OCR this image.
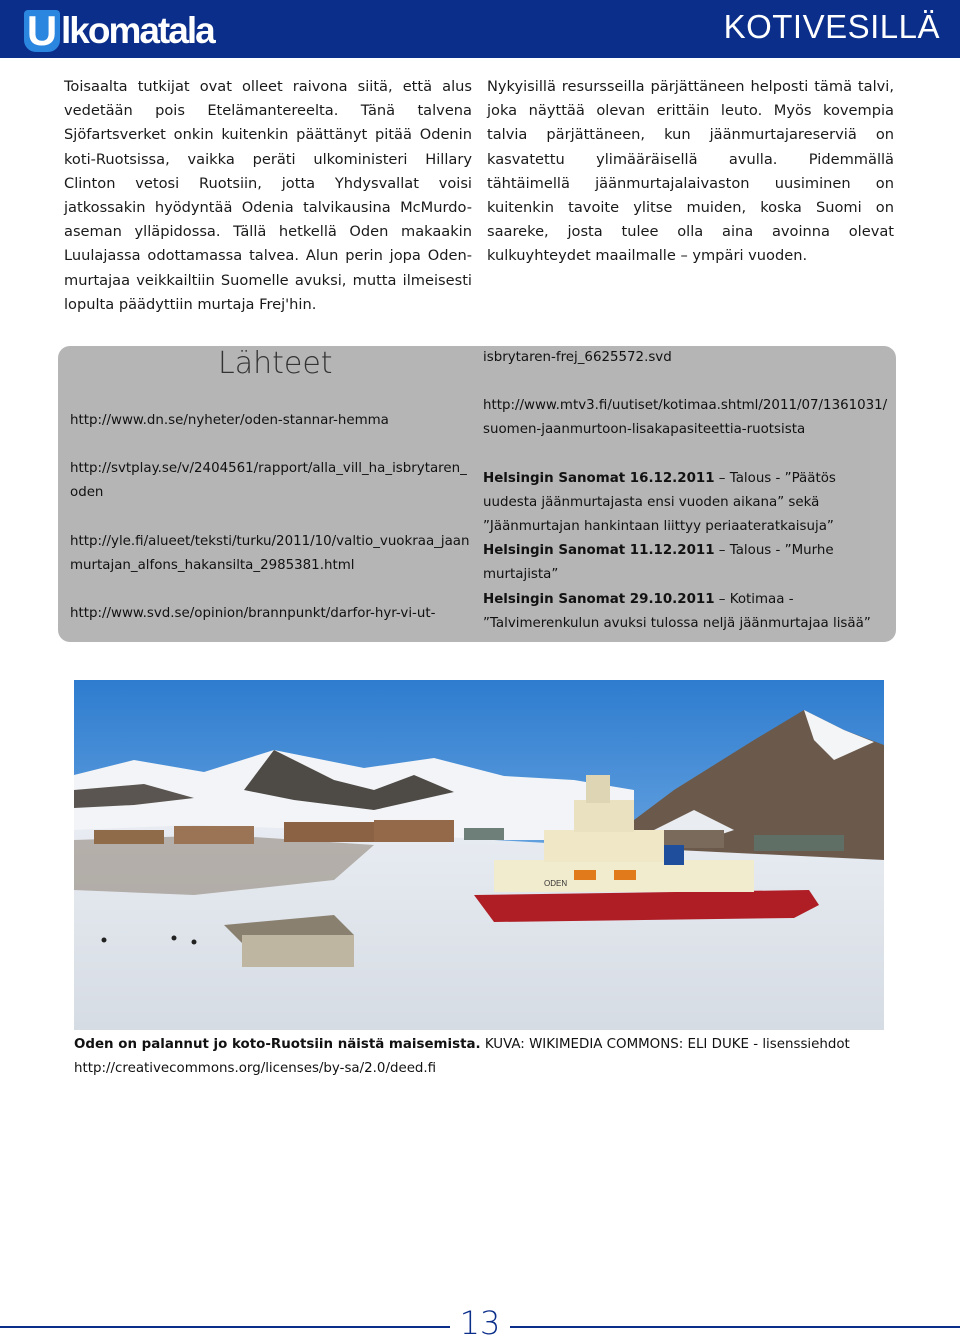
U lkomatala	KOTIVESILLÄ
Toisaalta tutkijat ovat olleet raivona siitä, että alus vedetään pois Etelämantereelta. Tänä talvena Sjöfartsverket onkin kuitenkin päättänyt pitää Odenin koti-Ruotsissa, vaikka peräti ulkoministeri Hillary Clinton vetosi Ruotsiin, jotta Yhdysvallat voisi jatkossakin hyödyntää Odenia talvikausina McMurdo-aseman ylläpidossa. Tällä hetkellä Oden makaakin Luulajassa odottamassa talvea. Alun perin jopa Oden-murtajaa veikkailtiin Suomelle avuksi, mutta ilmeisesti lopulta päädyttiin murtaja Frej'hin.
Nykyisillä resursseilla pärjättäneen helposti tämä talvi, joka näyttää olevan erittäin leuto. Myös kovempia talvia pärjättäneen, kun jäänmurtajareserviä on kasvatettu ylimääräisellä avulla. Pidemmällä tähtäimellä jäänmurtajalaivaston uusiminen on kuitenkin tavoite ylitse muiden, koska Suomi on saareke, josta tulee olla aina avoinna olevat kulkuyhteydet maailmalle – ympäri vuoden.
Lähteet

http://www.dn.se/nyheter/oden-stannar-hemma

http://svtplay.se/v/2404561/rapport/alla_vill_ha_isbrytaren_oden

http://yle.fi/alueet/teksti/turku/2011/10/valtio_vuokraa_jaanmurtajan_alfons_hakansilta_2985381.html

http://www.svd.se/opinion/brannpunkt/darfor-hyr-vi-ut-

isbrytaren-frej_6625572.svd

http://www.mtv3.fi/uutiset/kotimaa.shtml/2011/07/1361031/suomen-jaanmurtoon-lisakapasiteettia-ruotsista

Helsingin Sanomat 16.12.2011 – Talous - ”Päätös uudesta jäänmurtajasta ensi vuoden aikana” sekä ”Jäänmurtajan hankintaan liittyy periaateratkaisuja”

Helsingin Sanomat 11.12.2011 – Talous - ”Murhe murtajista”

Helsingin Sanomat 29.10.2011 – Kotimaa - ”Talvimerenkulun avuksi tulossa neljä jäänmurtajaa lisää”

ODEN
Oden on palannut jo koto-Ruotsiin näistä maisemista. KUVA: WIKIMEDIA COMMONS: ELI DUKE - lisenssiehdot http://creativecommons.org/licenses/by-sa/2.0/deed.fi
13
